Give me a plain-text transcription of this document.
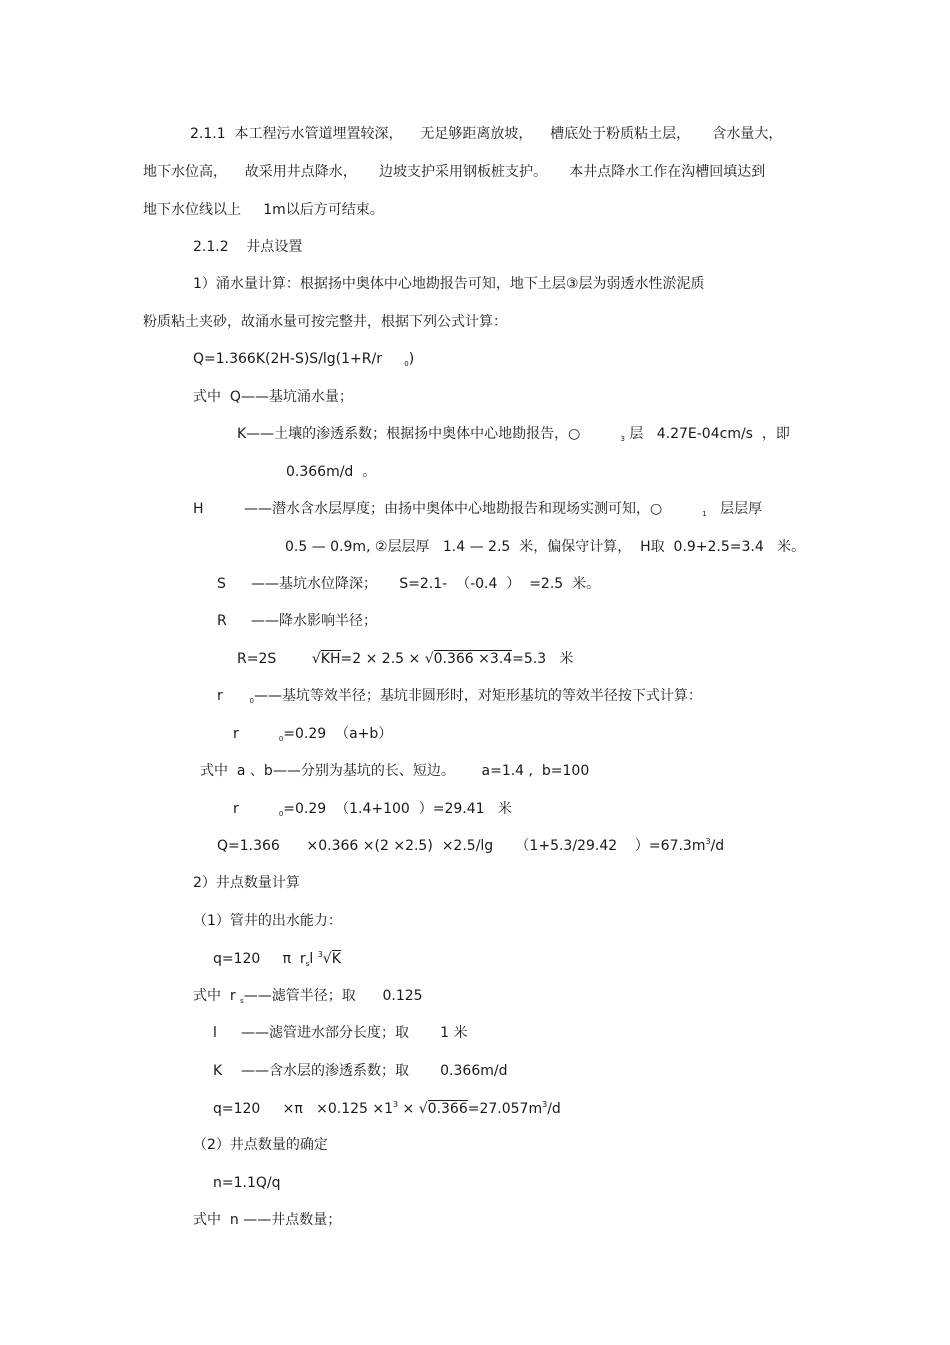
2.1.1  本工程污水管道埋置较深，    无足够距离放坡，    槽底处于粉质粘土层，     含水量大，
地下水位高，    故采用井点降水，     边坡支护采用钢板桩支护。     本井点降水工作在沟槽回填达到
地下水位线以上     1m以后方可结束。
2.1.2    井点设置
1）涌水量计算：根据扬中奥体中心地勘报告可知，地下土层③层为弱透水性淤泥质
粉质粘土夹砂，故涌水量可按完整井，根据下列公式计算：
Q=1.366K(2H-S)S/lg(1+R/r	$_0$)
式中  Q——基坑涌水量；
K——土壤的渗透系数；根据扬中奥体中心地勘报告，○	$_3$ 层   4.27E-04cm/s  ，即
0.366m/d  。
H	——潜水含水层厚度；由扬中奥体中心地勘报告和现场实测可知，○	$_1$ 层层厚
0.5 — 0.9m, ②层层厚   1.4 — 2.5  米，偏保守计算，  H取  0.9+2.5=3.4   米。
S ——基坑水位降深；     S=2.1-  （-0.4  ）  =2.5  米。
R ——降水影响半径；
R=2S	√KH=2 × 2.5 × √0.366 ×3.4=5.3   米
r	$_0$——基坑等效半径；基坑非圆形时，对矩形基坑的等效半径按下式计算：
r	$_0$=0.29  （a+b）
式中  a 、b——分别为基坑的长、短边。      a=1.4 ,  b=100
r	$_0$=0.29  （1.4+100  ）=29.41   米
Q=1.366      ×0.366 ×(2 ×2.5)  ×2.5/lg     （1+5.3/29.42    ）$=67.3m^3/d$
2）井点数量计算
（1）管井的出水能力：
q=120     π  $r_sl$ $^3$√K
式中  r $_s$——滤管半径；取      0.125
l ——滤管进水部分长度；取       1 米
K ——含水层的渗透系数；取       0.366m/d
q=120     $\times\pi \times 0.125 \times 1^3 \times √0.366=27.057m^3/d$
（2）井点数量的确定
n=1.1Q/q
式中  n ——井点数量；
